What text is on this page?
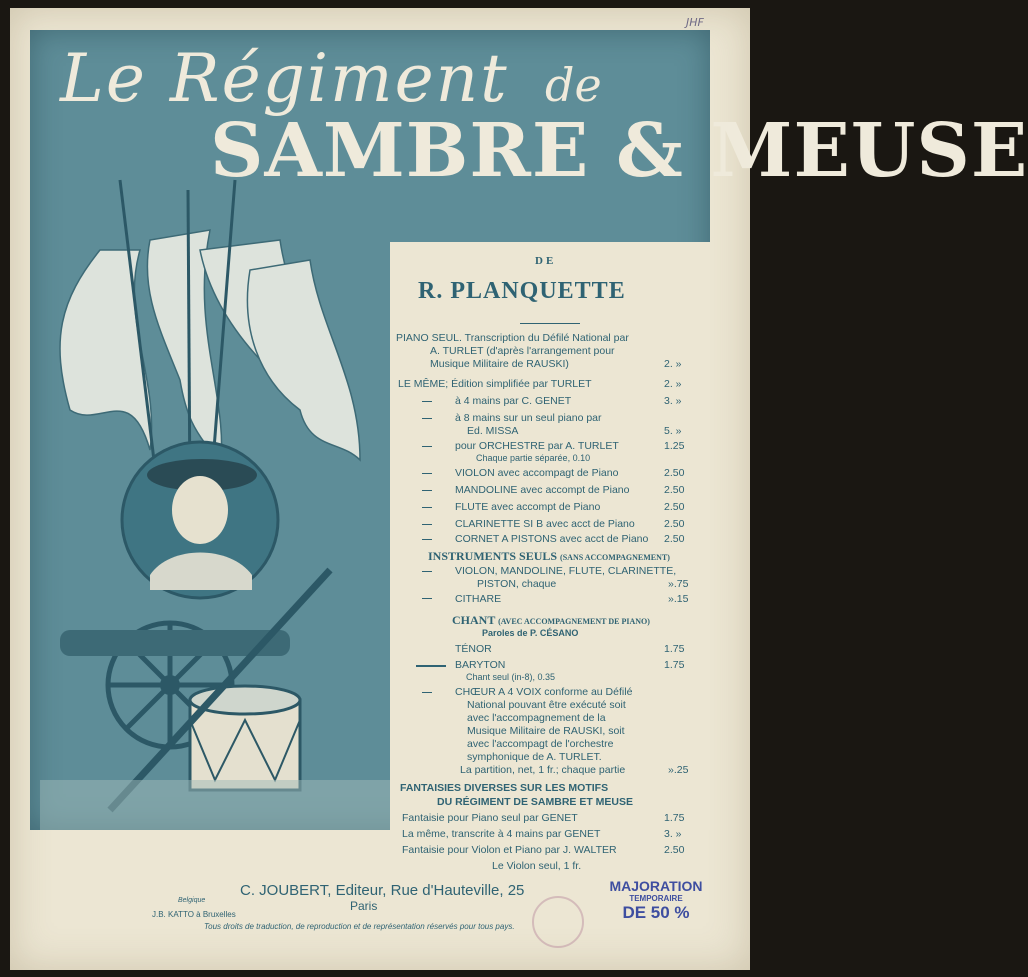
JHF
Le Régiment de
SAMBRE & MEUSE
DE
R. PLANQUETTE
PIANO SEUL. Transcription du Défilé National par
A. TURLET (d'après l'arrangement pour
Musique Militaire de RAUSKI)	2. »
LE MÊME; Édition simplifiée par TURLET	2. »
à 4 mains par C. GENET	3. »
à 8 mains sur un seul piano par
Ed. MISSA	5. »
pour ORCHESTRE par A. TURLET	1.25
Chaque partie séparée, 0.10
VIOLON avec accompagt de Piano	2.50
MANDOLINE avec accompt de Piano	2.50
FLUTE avec accompt de Piano	2.50
CLARINETTE SI B avec acct de Piano	2.50
CORNET A PISTONS avec acct de Piano 2.50
INSTRUMENTS SEULS (SANS ACCOMPAGNEMENT)
VIOLON, MANDOLINE, FLUTE, CLARINETTE,
PISTON, chaque	».75
CITHARE	».15
CHANT (AVEC ACCOMPAGNEMENT DE PIANO)
Paroles de P. CÉSANO
TÉNOR	1.75
BARYTON	1.75
Chant seul (in-8), 0.35
CHŒUR A 4 VOIX conforme au Défilé
National pouvant être exécuté soit
avec l'accompagnement de la
Musique Militaire de RAUSKI, soit
avec l'accompagt de l'orchestre
symphonique de A. TURLET.
La partition, net, 1 fr.; chaque partie	».25
FANTAISIES DIVERSES SUR LES MOTIFS
DU RÉGIMENT DE SAMBRE ET MEUSE
Fantaisie pour Piano seul par GENET	1.75
La même, transcrite à 4 mains par GENET	3. »
Fantaisie pour Violon et Piano par J. WALTER	2.50
Le Violon seul, 1 fr.
C. JOUBERT, Editeur, Rue d'Hauteville, 25
Paris
Belgique
J.B. KATTO à Bruxelles
Tous droits de traduction, de reproduction et de représentation réservés pour tous pays.
MAJORATION
TEMPORAIRE
DE 50 %
